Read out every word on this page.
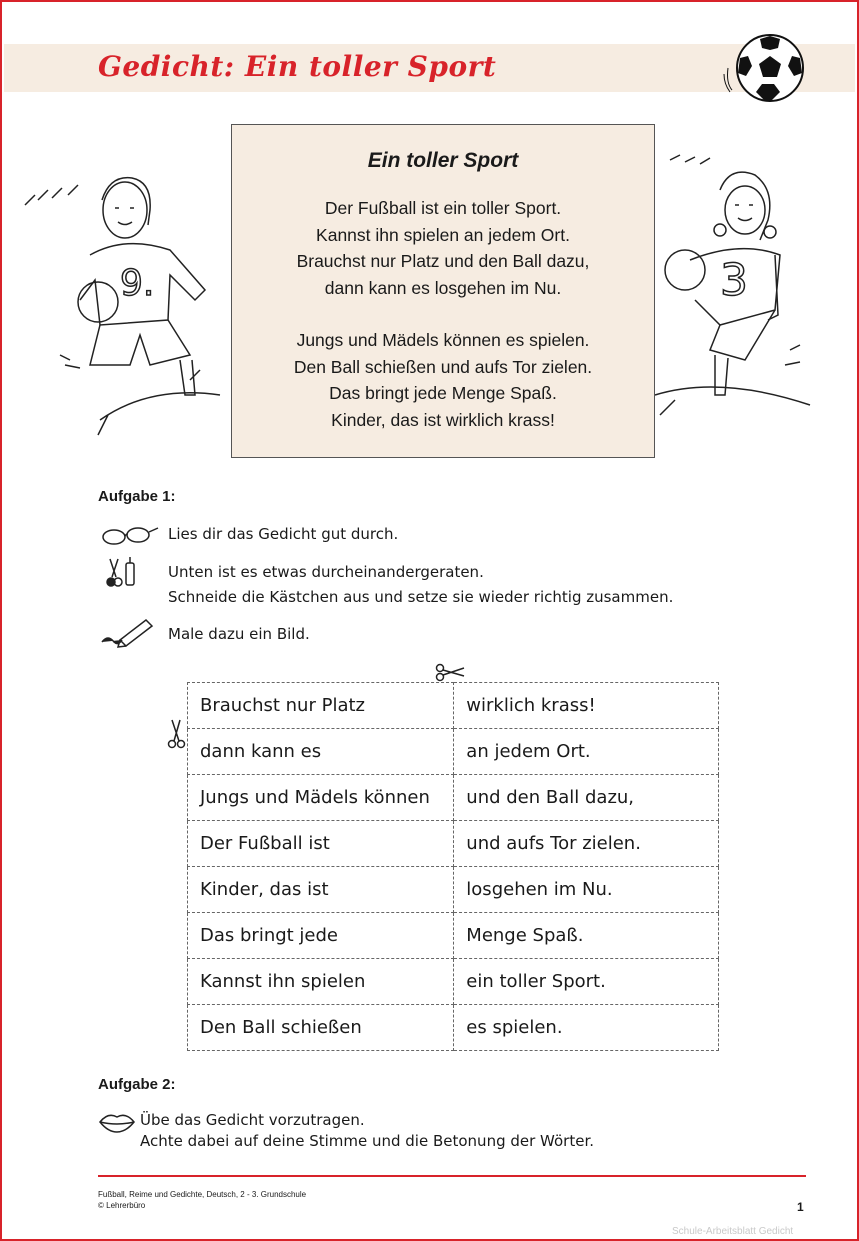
Gedicht: Ein toller Sport
9.	3
Ein toller Sport
Der Fußball ist ein toller Sport.
Kannst ihn spielen an jedem Ort.
Brauchst nur Platz und den Ball dazu,
dann kann es losgehen im Nu.
Jungs und Mädels können es spielen.
Den Ball schießen und aufs Tor zielen.
Das bringt jede Menge Spaß.
Kinder, das ist wirklich krass!
Aufgabe 1:
Lies dir das Gedicht gut durch.
Unten ist es etwas durcheinandergeraten.
Schneide die Kästchen aus und setze sie wieder richtig zusammen.
Male dazu ein Bild.
Brauchst nur Platz	wirklich krass!
dann kann es	an jedem Ort.
Jungs und Mädels können	und den Ball dazu,
Der Fußball ist	und aufs Tor zielen.
Kinder, das ist	losgehen im Nu.
Das bringt jede	Menge Spaß.
Kannst ihn spielen	ein toller Sport.
Den Ball schießen	es spielen.
Aufgabe 2:
Übe das Gedicht vorzutragen.
Achte dabei auf deine Stimme und die Betonung der Wörter.
Fußball, Reime und Gedichte, Deutsch, 2 - 3. Grundschule
© Lehrerbüro	1
Schule-Arbeitsblatt Gedicht
